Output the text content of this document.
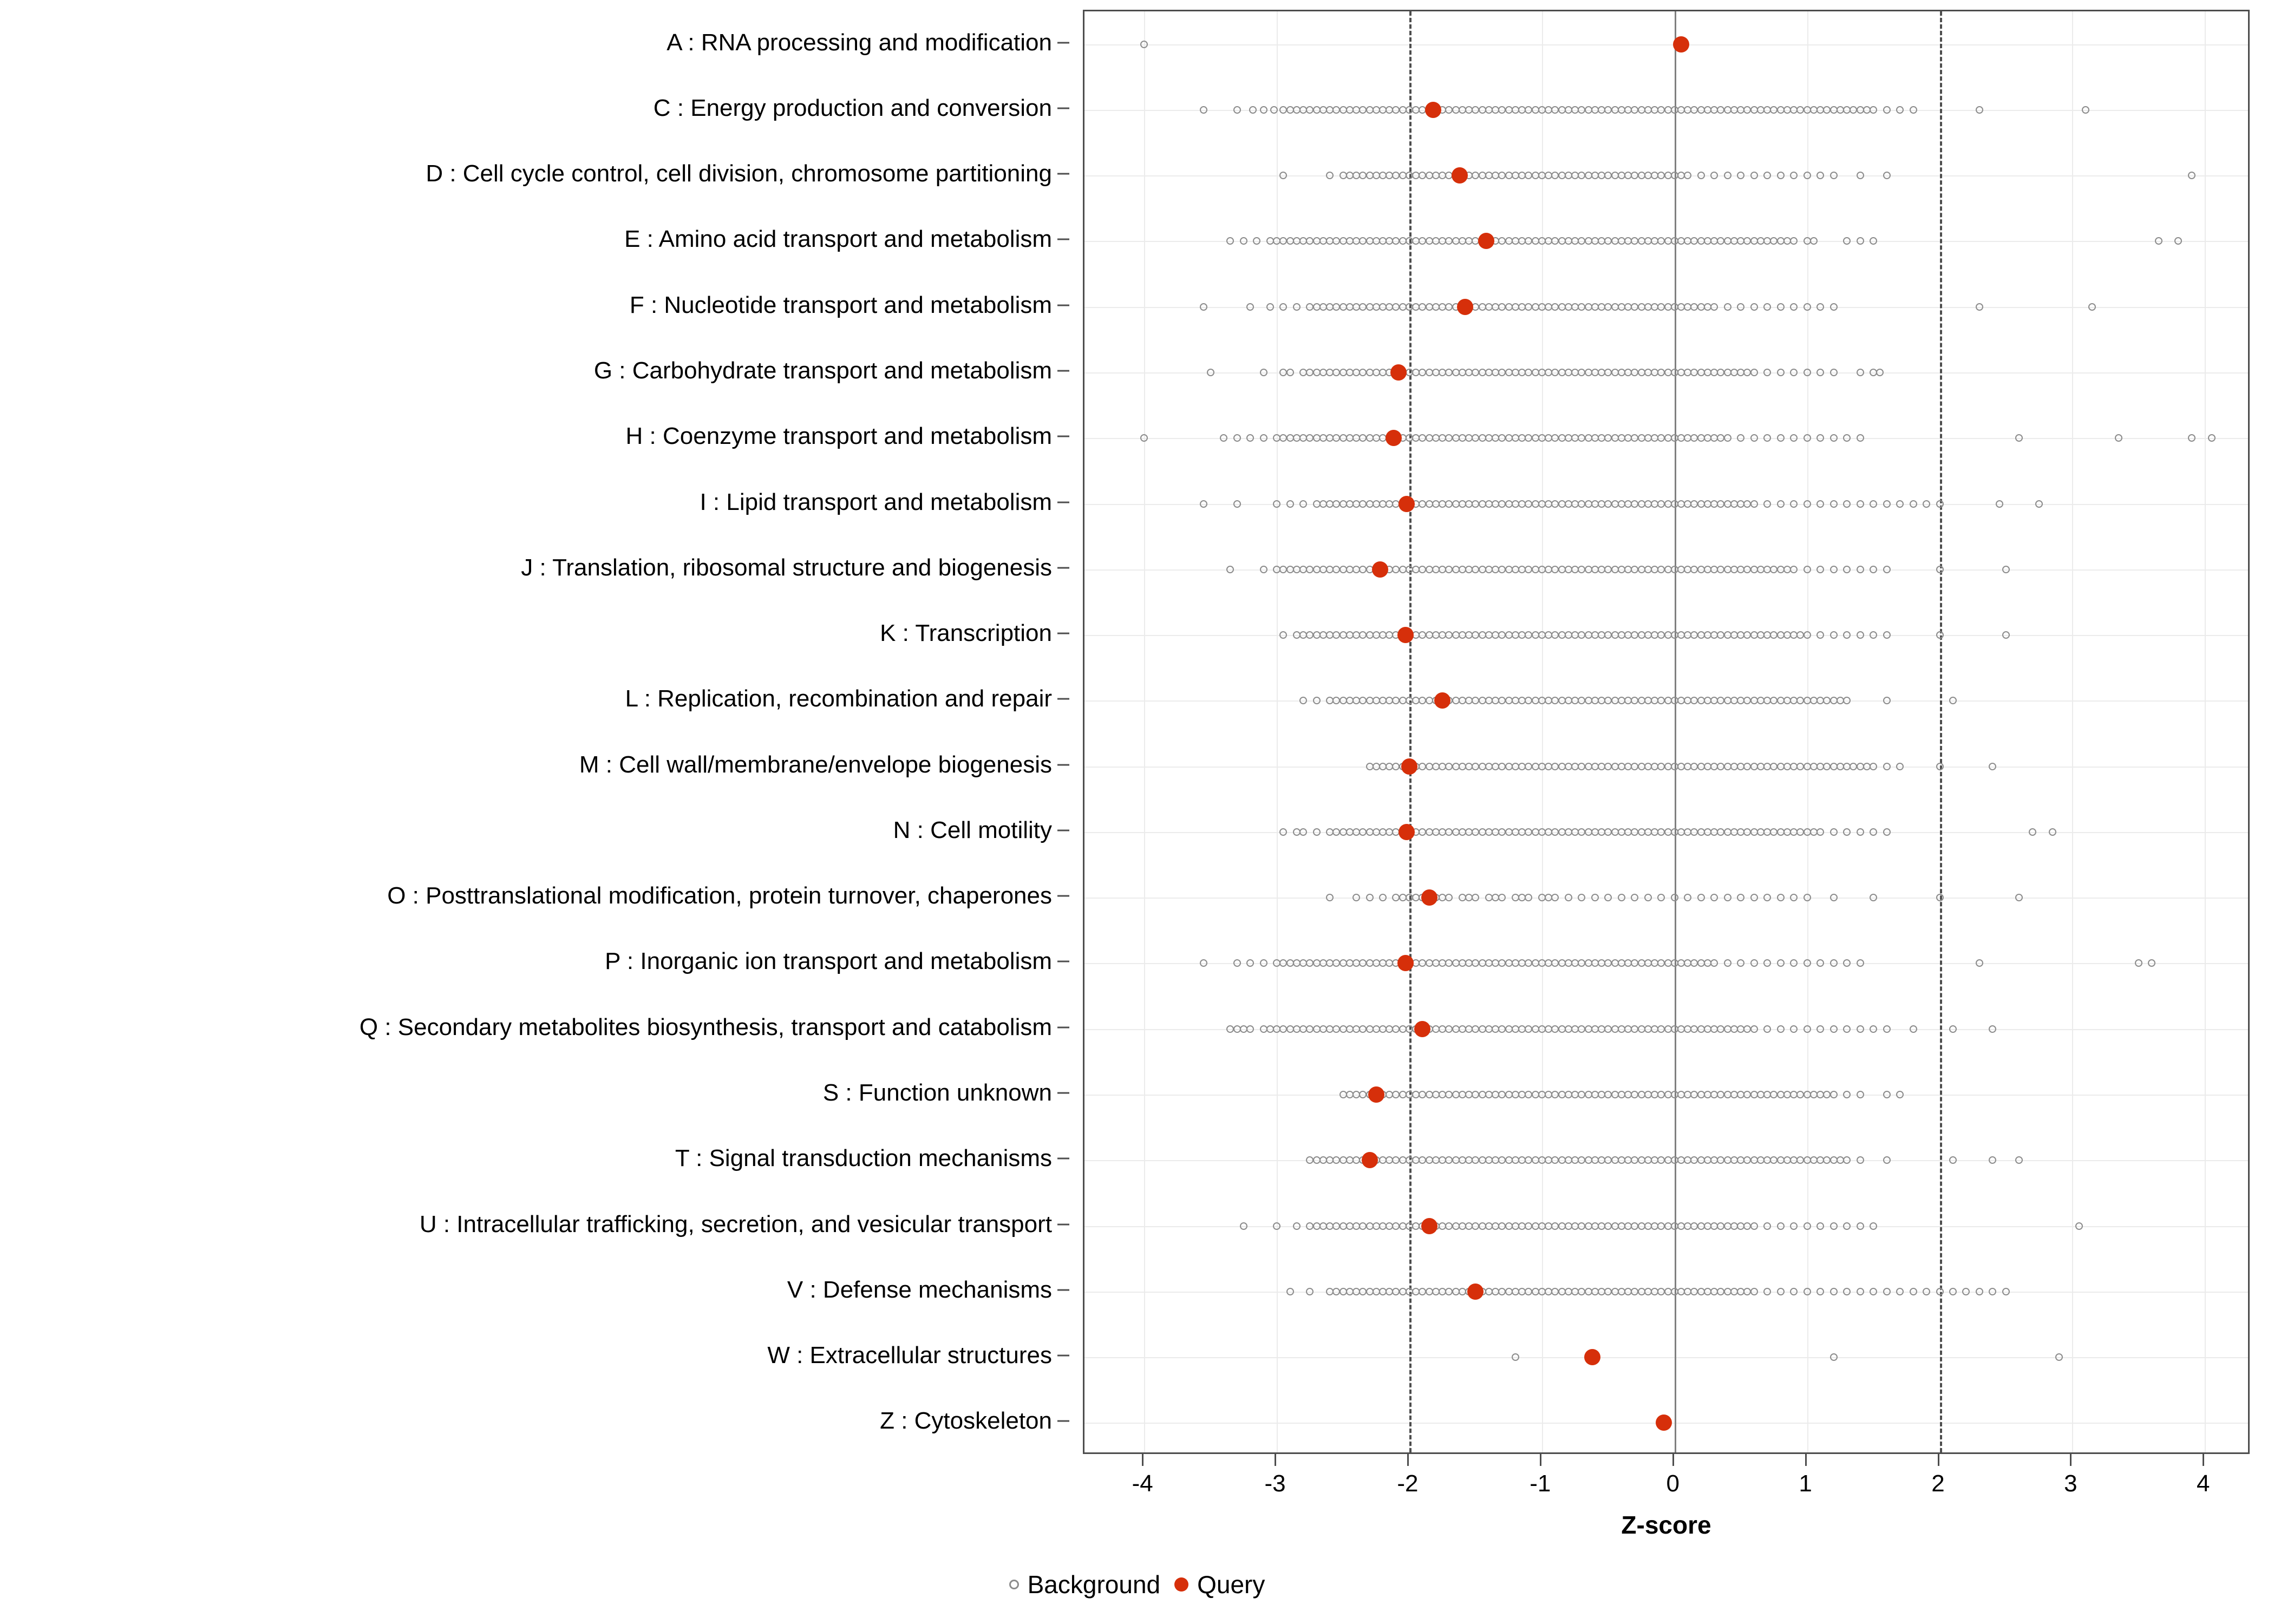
A : RNA processing and modification
C : Energy production and conversion
D : Cell cycle control, cell division, chromosome partitioning
E : Amino acid transport and metabolism
F : Nucleotide transport and metabolism
G : Carbohydrate transport and metabolism
H : Coenzyme transport and metabolism
I : Lipid transport and metabolism
J : Translation, ribosomal structure and biogenesis
K : Transcription
L : Replication, recombination and repair
M : Cell wall/membrane/envelope biogenesis
N : Cell motility
O : Posttranslational modification, protein turnover, chaperones
P : Inorganic ion transport and metabolism
Q : Secondary metabolites biosynthesis, transport and catabolism
S : Function unknown
T : Signal transduction mechanisms
U : Intracellular trafficking, secretion, and vesicular transport
V : Defense mechanisms
W : Extracellular structures
Z : Cytoskeleton
-4	-3	-2	-1	0	1	2	3	4
Z-score
Background Query
